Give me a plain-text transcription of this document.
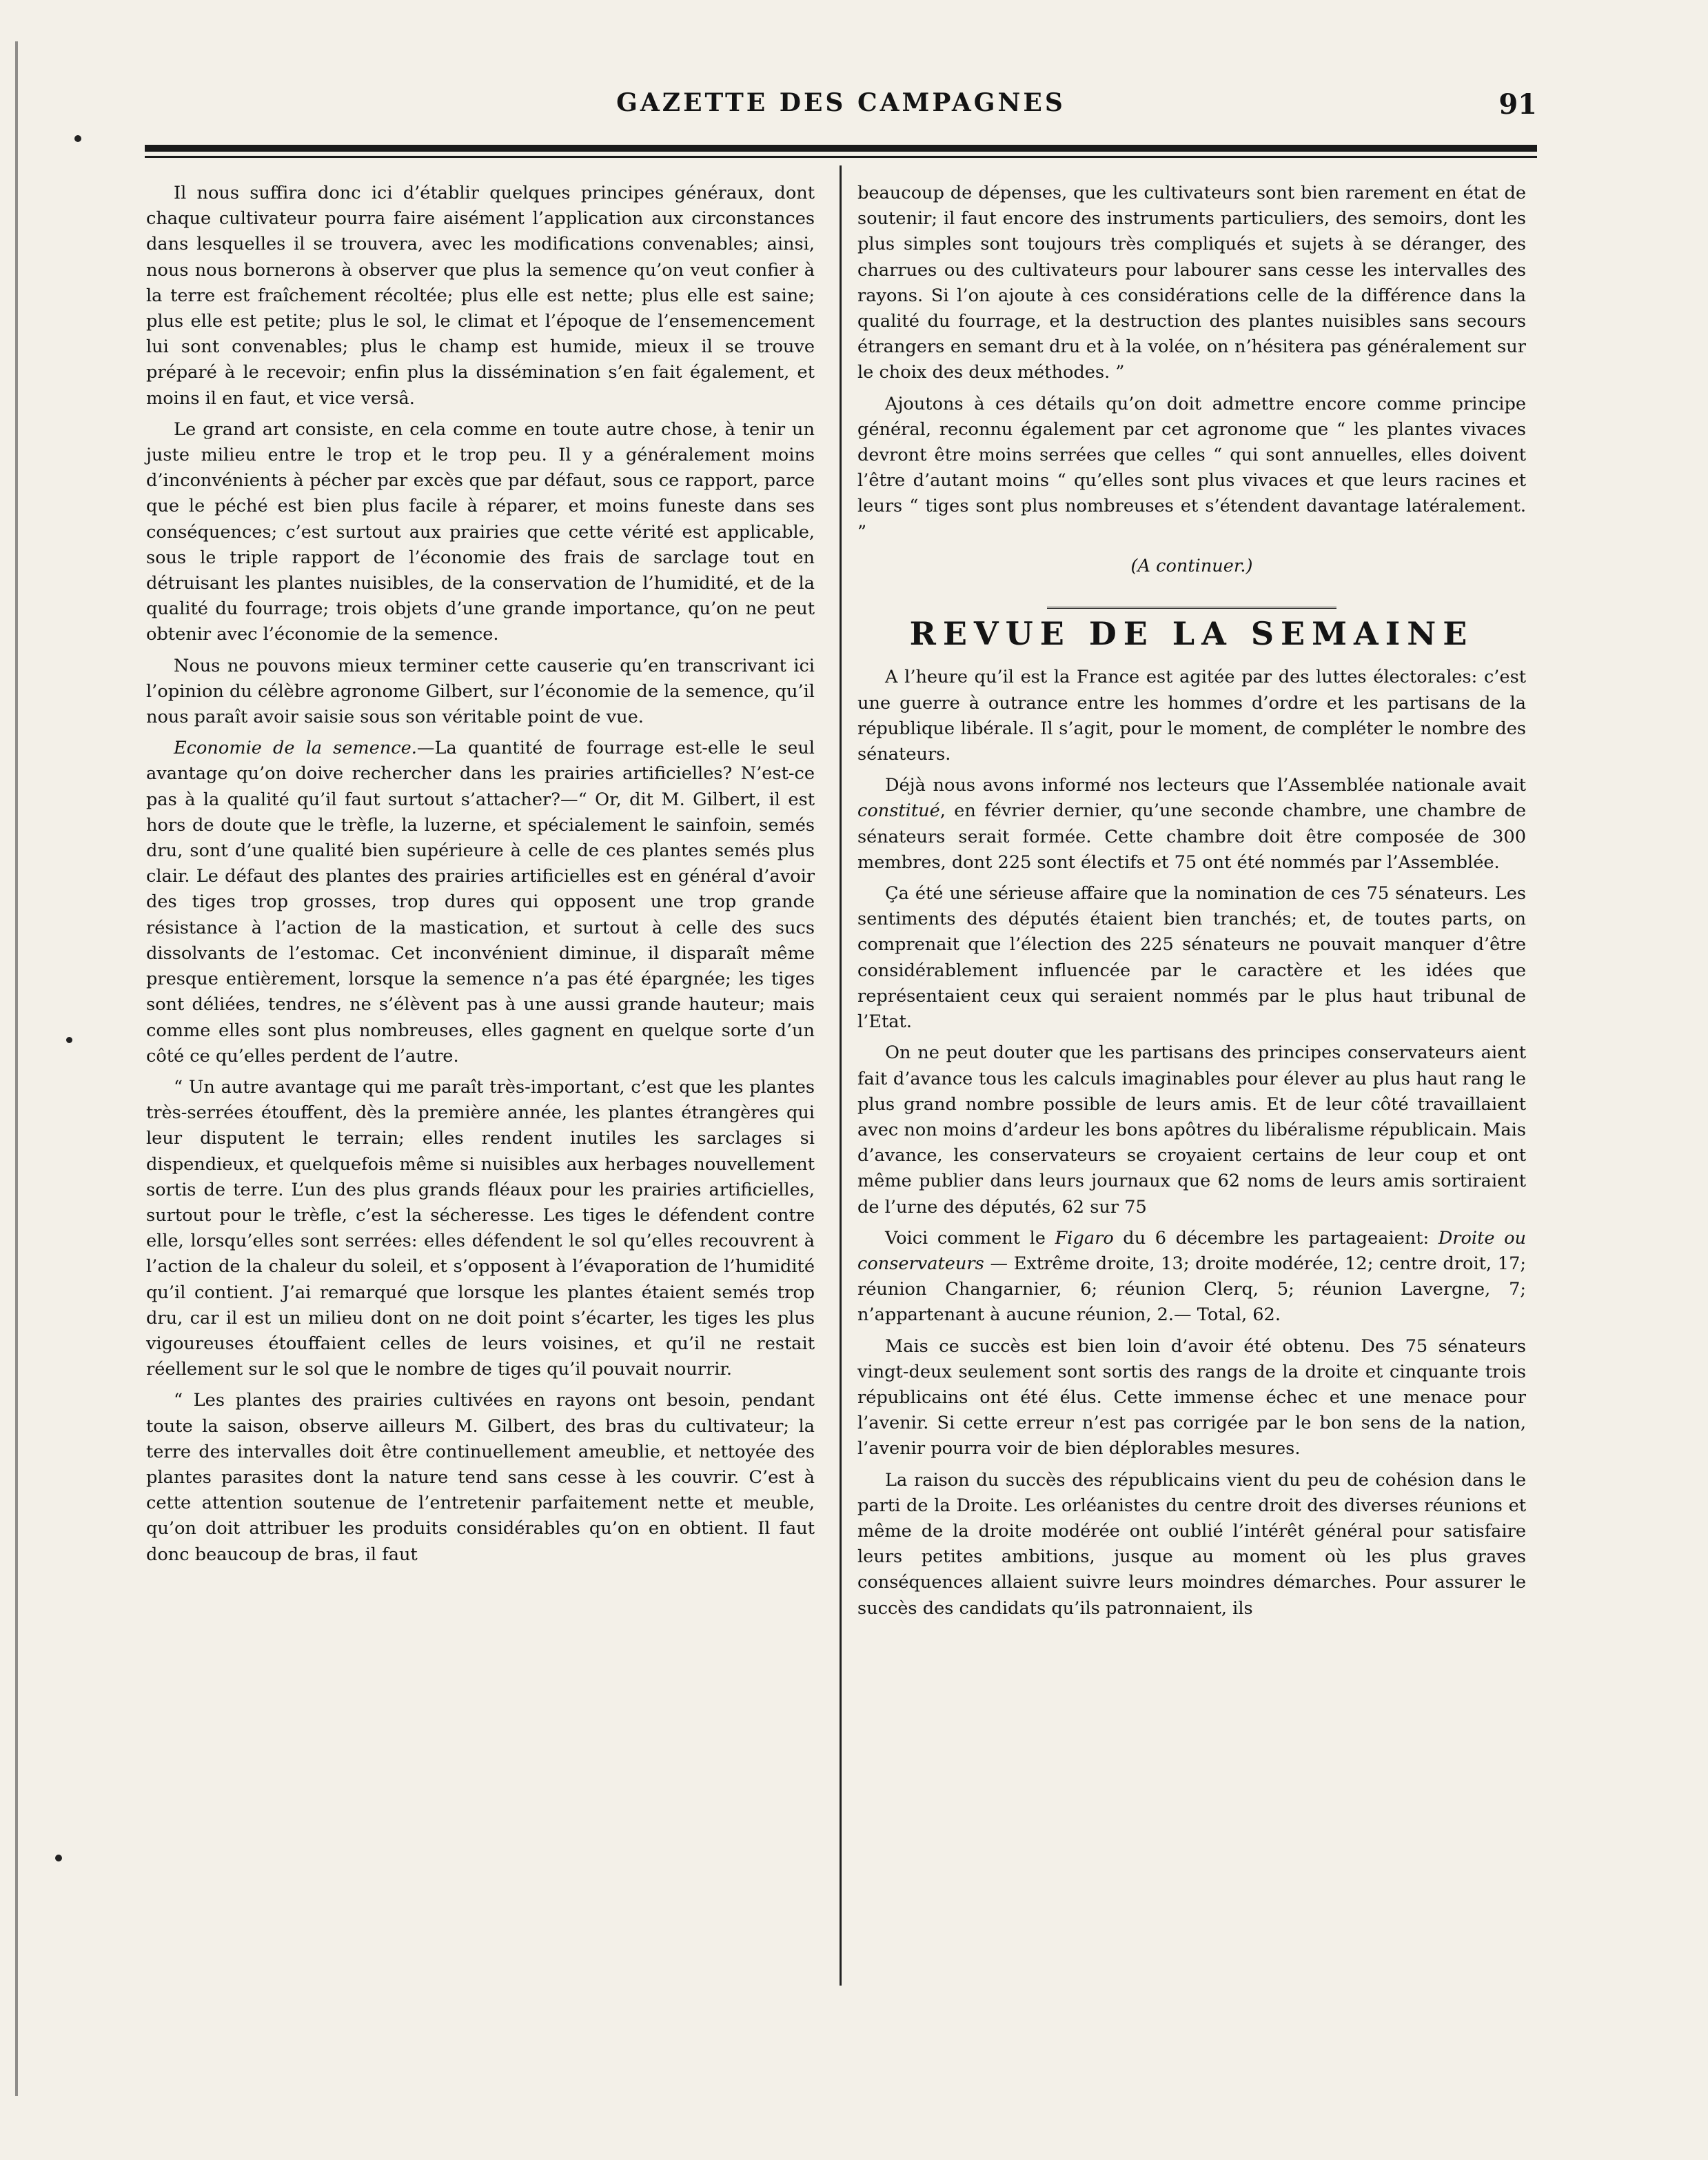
GAZETTE DES CAMPAGNES	91

Il nous suffira donc ici d’établir quelques principes généraux, dont chaque cultivateur pourra faire aisément l’application aux circonstances dans lesquelles il se trouvera, avec les modifications convenables; ainsi, nous nous bornerons à observer que plus la semence qu’on veut confier à la terre est fraîchement récoltée; plus elle est nette; plus elle est saine; plus elle est petite; plus le sol, le climat et l’époque de l’ensemencement lui sont convenables; plus le champ est humide, mieux il se trouve préparé à le recevoir; enfin plus la dissémination s’en fait également, et moins il en faut, et vice versâ.

Le grand art consiste, en cela comme en toute autre chose, à tenir un juste milieu entre le trop et le trop peu. Il y a généralement moins d’inconvénients à pécher par excès que par défaut, sous ce rapport, parce que le péché est bien plus facile à réparer, et moins funeste dans ses conséquences; c’est surtout aux prairies que cette vérité est applicable, sous le triple rapport de l’économie des frais de sarclage tout en détruisant les plantes nuisibles, de la conservation de l’humidité, et de la qualité du fourrage; trois objets d’une grande importance, qu’on ne peut obtenir avec l’économie de la semence.

Nous ne pouvons mieux terminer cette causerie qu’en transcrivant ici l’opinion du célèbre agronome Gilbert, sur l’économie de la semence, qu’il nous paraît avoir saisie sous son véritable point de vue.

Economie de la semence.—La quantité de fourrage est-elle le seul avantage qu’on doive rechercher dans les prairies artificielles? N’est-ce pas à la qualité qu’il faut surtout s’attacher?—“ Or, dit M. Gilbert, il est hors de doute que le trèfle, la luzerne, et spécialement le sainfoin, semés dru, sont d’une qualité bien supérieure à celle de ces plantes semés plus clair. Le défaut des plantes des prairies artificielles est en général d’avoir des tiges trop grosses, trop dures qui opposent une trop grande résistance à l’action de la mastication, et surtout à celle des sucs dissolvants de l’estomac. Cet inconvénient diminue, il disparaît même presque entièrement, lorsque la semence n’a pas été épargnée; les tiges sont déliées, tendres, ne s’élèvent pas à une aussi grande hauteur; mais comme elles sont plus nombreuses, elles gagnent en quelque sorte d’un côté ce qu’elles perdent de l’autre.

“ Un autre avantage qui me paraît très-important, c’est que les plantes très-serrées étouffent, dès la première année, les plantes étrangères qui leur disputent le terrain; elles rendent inutiles les sarclages si dispendieux, et quelquefois même si nuisibles aux herbages nouvellement sortis de terre. L’un des plus grands fléaux pour les prairies artificielles, surtout pour le trèfle, c’est la sécheresse. Les tiges le défendent contre elle, lorsqu’elles sont serrées: elles défendent le sol qu’elles recouvrent à l’action de la chaleur du soleil, et s’opposent à l’évaporation de l’humidité qu’il contient. J’ai remarqué que lorsque les plantes étaient semés trop dru, car il est un milieu dont on ne doit point s’écarter, les tiges les plus vigoureuses étouffaient celles de leurs voisines, et qu’il ne restait réellement sur le sol que le nombre de tiges qu’il pouvait nourrir.

“ Les plantes des prairies cultivées en rayons ont besoin, pendant toute la saison, observe ailleurs M. Gilbert, des bras du cultivateur; la terre des intervalles doit être continuellement ameublie, et nettoyée des plantes parasites dont la nature tend sans cesse à les couvrir. C’est à cette attention soutenue de l’entretenir parfaitement nette et meuble, qu’on doit attribuer les produits considérables qu’on en obtient. Il faut donc beaucoup de bras, il faut

beaucoup de dépenses, que les cultivateurs sont bien rarement en état de soutenir; il faut encore des instruments particuliers, des semoirs, dont les plus simples sont toujours très compliqués et sujets à se déranger, des charrues ou des cultivateurs pour labourer sans cesse les intervalles des rayons. Si l’on ajoute à ces considérations celle de la différence dans la qualité du fourrage, et la destruction des plantes nuisibles sans secours étrangers en semant dru et à la volée, on n’hésitera pas généralement sur le choix des deux méthodes. ”

Ajoutons à ces détails qu’on doit admettre encore comme principe général, reconnu également par cet agronome que “ les plantes vivaces devront être moins serrées que celles “ qui sont annuelles, elles doivent l’être d’autant moins “ qu’elles sont plus vivaces et que leurs racines et leurs “ tiges sont plus nombreuses et s’étendent davantage latéralement. ”

(A continuer.)

REVUE DE LA SEMAINE

A l’heure qu’il est la France est agitée par des luttes électorales: c’est une guerre à outrance entre les hommes d’ordre et les partisans de la république libérale. Il s’agit, pour le moment, de compléter le nombre des sénateurs.

Déjà nous avons informé nos lecteurs que l’Assemblée nationale avait constitué, en février dernier, qu’une seconde chambre, une chambre de sénateurs serait formée. Cette chambre doit être composée de 300 membres, dont 225 sont électifs et 75 ont été nommés par l’Assemblée.

Ça été une sérieuse affaire que la nomination de ces 75 sénateurs. Les sentiments des députés étaient bien tranchés; et, de toutes parts, on comprenait que l’élection des 225 sénateurs ne pouvait manquer d’être considérablement influencée par le caractère et les idées que représentaient ceux qui seraient nommés par le plus haut tribunal de l’Etat.

On ne peut douter que les partisans des principes conservateurs aient fait d’avance tous les calculs imaginables pour élever au plus haut rang le plus grand nombre possible de leurs amis. Et de leur côté travaillaient avec non moins d’ardeur les bons apôtres du libéralisme républicain. Mais d’avance, les conservateurs se croyaient certains de leur coup et ont même publier dans leurs journaux que 62 noms de leurs amis sortiraient de l’urne des députés, 62 sur 75

Voici comment le Figaro du 6 décembre les partageaient: Droite ou conservateurs — Extrême droite, 13; droite modérée, 12; centre droit, 17; réunion Changarnier, 6; réunion Clerq, 5; réunion Lavergne, 7; n’appartenant à aucune réunion, 2.— Total, 62.

Mais ce succès est bien loin d’avoir été obtenu. Des 75 sénateurs vingt-deux seulement sont sortis des rangs de la droite et cinquante trois républicains ont été élus. Cette immense échec et une menace pour l’avenir. Si cette erreur n’est pas corrigée par le bon sens de la nation, l’avenir pourra voir de bien déplorables mesures.

La raison du succès des républicains vient du peu de cohésion dans le parti de la Droite. Les orléanistes du centre droit des diverses réunions et même de la droite modérée ont oublié l’intérêt général pour satisfaire leurs petites ambitions, jusque au moment où les plus graves conséquences allaient suivre leurs moindres démarches. Pour assurer le succès des candidats qu’ils patronnaient, ils
